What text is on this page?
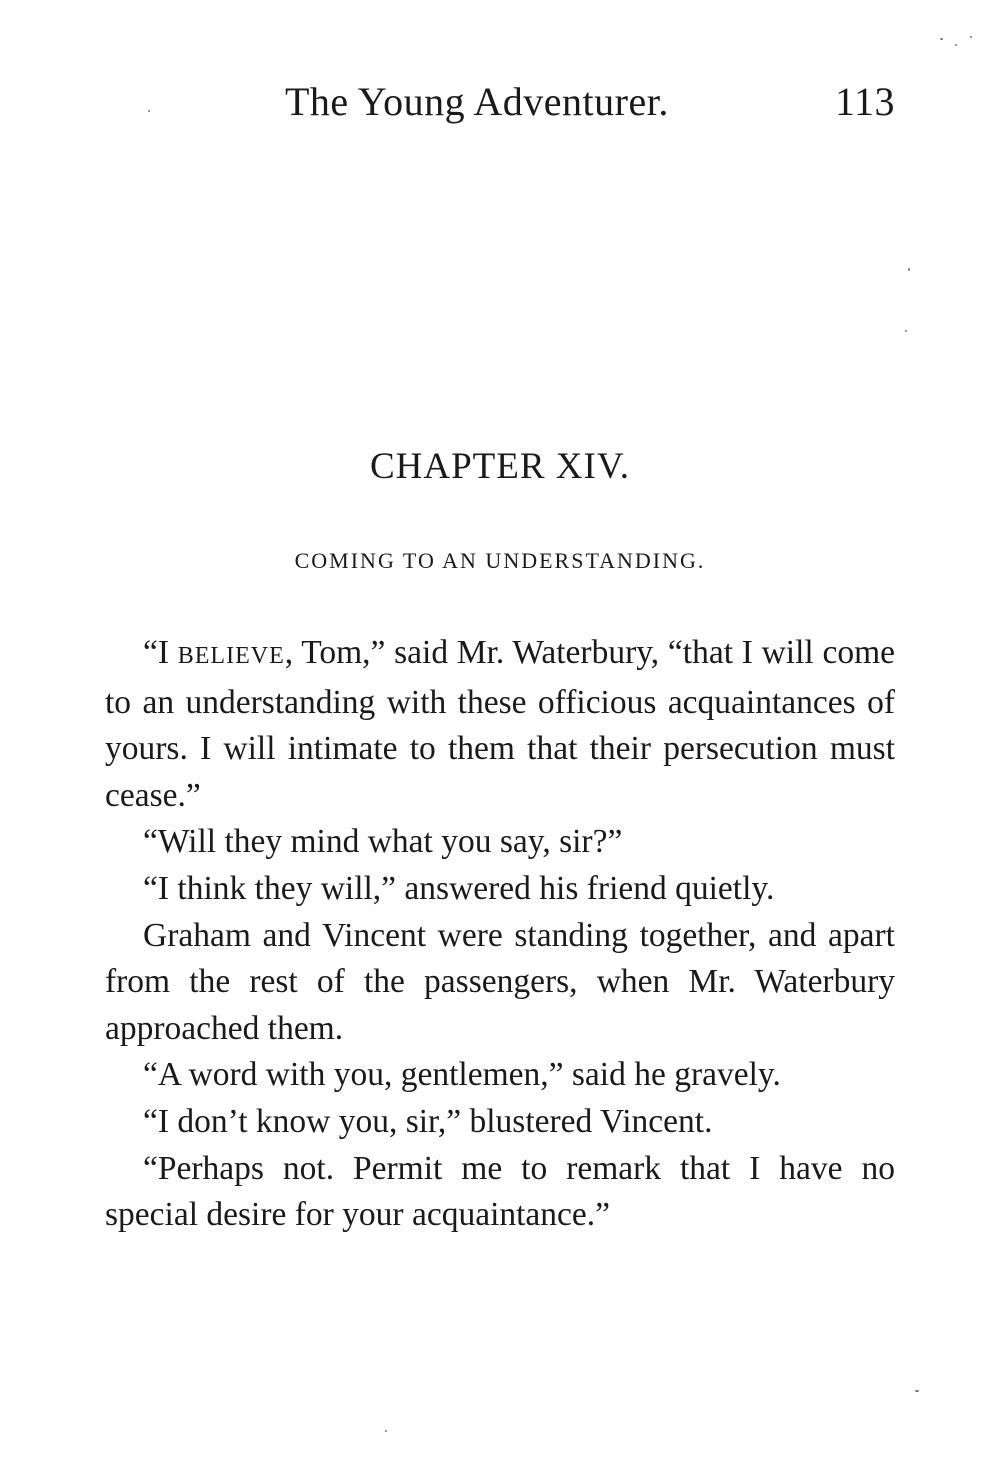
The Young Adventurer.	113
CHAPTER XIV.
COMING TO AN UNDERSTANDING.

“I BELIEVE, Tom,” said Mr. Waterbury, “that I will come to an understanding with these officious acquaintances of yours. I will intimate to them that their persecution must cease.”

“Will they mind what you say, sir?”

“I think they will,” answered his friend quietly.

Graham and Vincent were standing together, and apart from the rest of the passengers, when Mr. Waterbury approached them.

“A word with you, gentlemen,” said he gravely.

“I don’t know you, sir,” blustered Vincent.

“Perhaps not. Permit me to remark that I have no special desire for your acquaintance.”
